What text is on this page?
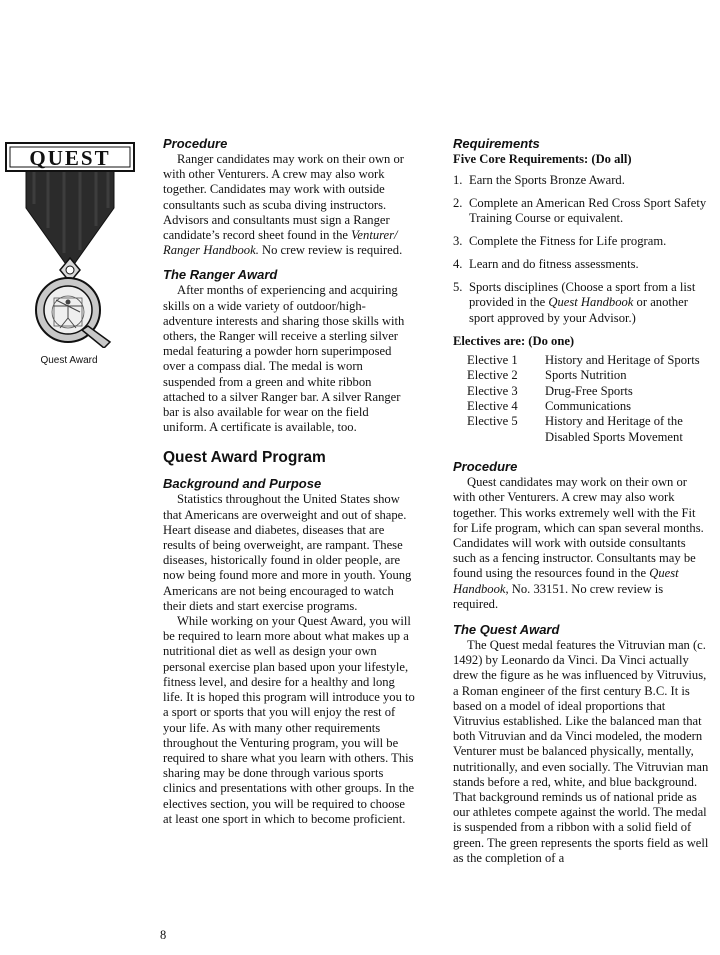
QUEST
Quest Award
Procedure

Ranger candidates may work on their own or with other Venturers. A crew may also work together. Candidates may work with outside consultants such as scuba diving instructors. Advisors and consultants must sign a Ranger candidate’s record sheet found in the Venturer/ Ranger Handbook. No crew review is required.

The Ranger Award

After months of experiencing and acquiring skills on a wide variety of outdoor/high-adventure interests and sharing those skills with others, the Ranger will receive a sterling silver medal featuring a powder horn superimposed over a compass dial. The medal is worn suspended from a green and white ribbon attached to a silver Ranger bar. A silver Ranger bar is also available for wear on the field uniform. A certificate is available, too.

Quest Award Program
Background and Purpose

Statistics throughout the United States show that Americans are overweight and out of shape. Heart disease and diabetes, diseases that are results of being overweight, are rampant. These diseases, historically found in older people, are now being found more and more in youth. Young Americans are not being encouraged to watch their diets and start exercise programs.

While working on your Quest Award, you will be required to learn more about what makes up a nutritional diet as well as design your own personal exercise plan based upon your lifestyle, fitness level, and desire for a healthy and long life. It is hoped this program will introduce you to a sport or sports that you will enjoy the rest of your life. As with many other requirements throughout the Venturing program, you will be required to share what you learn with others. This sharing may be done through various sports clinics and presentations with other groups. In the electives section, you will be required to choose at least one sport in which to become proficient.

Requirements
Five Core Requirements: (Do all)
1. Earn the Sports Bronze Award.
2. Complete an American Red Cross Sport Safety Training Course or equivalent.
3. Complete the Fitness for Life program.
4. Learn and do fitness assessments.
5. Sports disciplines (Choose a sport from a list provided in the Quest Handbook or another sport approved by your Advisor.)
Electives are: (Do one)
Elective 1	History and Heritage of Sports
Elective 2	Sports Nutrition
Elective 3	Drug-Free Sports
Elective 4	Communications
Elective 5	History and Heritage of the Disabled Sports Movement
Procedure

Quest candidates may work on their own or with other Venturers. A crew may also work together. This works extremely well with the Fit for Life program, which can span several months. Candidates will work with outside consultants such as a fencing instructor. Consultants may be found using the resources found in the Quest Handbook, No. 33151. No crew review is required.

The Quest Award

The Quest medal features the Vitruvian man (c. 1492) by Leonardo da Vinci. Da Vinci actually drew the figure as he was influenced by Vitruvius, a Roman engineer of the first century B.C. It is based on a model of ideal proportions that Vitruvius established. Like the balanced man that both Vitruvian and da Vinci modeled, the modern Venturer must be balanced physically, mentally, nutritionally, and even socially. The Vitruvian man stands before a red, white, and blue background. That background reminds us of national pride as our athletes compete against the world. The medal is suspended from a ribbon with a solid field of green. The green represents the sports field as well as the completion of a

8
